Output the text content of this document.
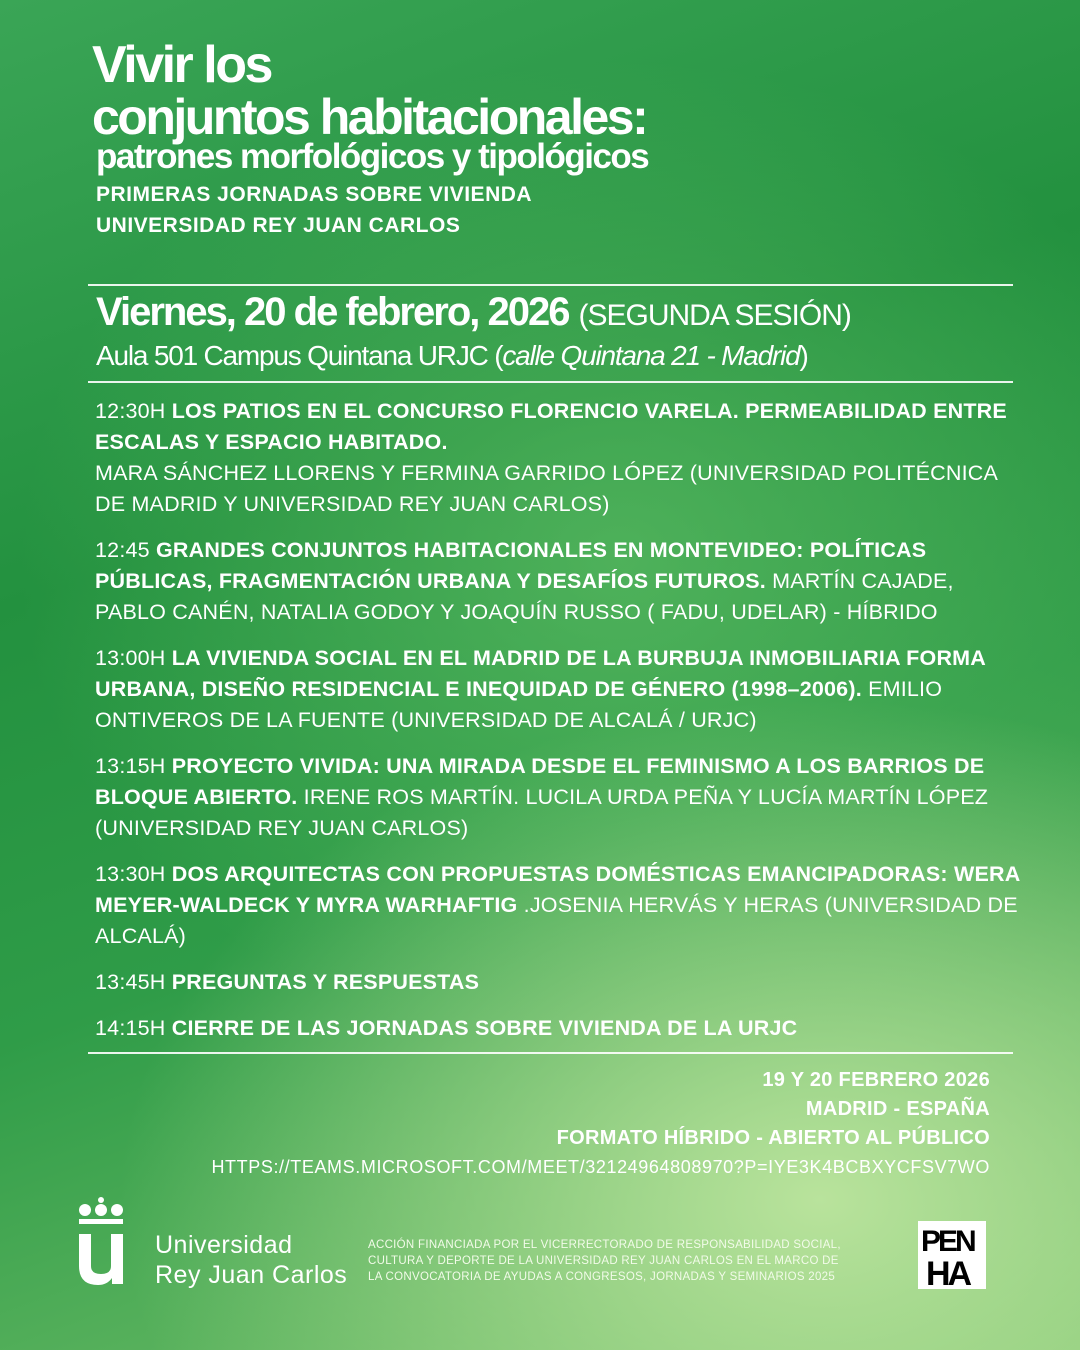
Vivir los
conjuntos habitacionales:
patrones morfológicos y tipológicos
PRIMERAS JORNADAS SOBRE VIVIENDA
UNIVERSIDAD REY JUAN CARLOS
Viernes, 20 de febrero, 2026 (SEGUNDA SESIÓN)
Aula 501 Campus Quintana URJC (calle Quintana 21 - Madrid)
12:30H LOS PATIOS EN EL CONCURSO FLORENCIO VARELA. PERMEABILIDAD ENTRE ESCALAS Y ESPACIO HABITADO.
MARA SÁNCHEZ LLORENS Y FERMINA GARRIDO LÓPEZ (UNIVERSIDAD POLITÉCNICA DE MADRID Y UNIVERSIDAD REY JUAN CARLOS)
12:45 GRANDES CONJUNTOS HABITACIONALES EN MONTEVIDEO: POLÍTICAS PÚBLICAS, FRAGMENTACIÓN URBANA Y DESAFÍOS FUTUROS. MARTÍN CAJADE, PABLO CANÉN, NATALIA GODOY Y JOAQUÍN RUSSO ( FADU, UDELAR) - HÍBRIDO
13:00H LA VIVIENDA SOCIAL EN EL MADRID DE LA BURBUJA INMOBILIARIA FORMA URBANA, DISEÑO RESIDENCIAL E INEQUIDAD DE GÉNERO (1998–2006). EMILIO ONTIVEROS DE LA FUENTE (UNIVERSIDAD DE ALCALÁ / URJC)
13:15H PROYECTO VIVIDA: UNA MIRADA DESDE EL FEMINISMO A LOS BARRIOS DE BLOQUE ABIERTO. IRENE ROS MARTÍN. LUCILA URDA PEÑA Y LUCÍA MARTÍN LÓPEZ (UNIVERSIDAD REY JUAN CARLOS)
13:30H DOS ARQUITECTAS CON PROPUESTAS DOMÉSTICAS EMANCIPADORAS: WERA MEYER-WALDECK Y MYRA WARHAFTIG .JOSENIA HERVÁS Y HERAS (UNIVERSIDAD DE ALCALÁ)
13:45H PREGUNTAS Y RESPUESTAS
14:15H CIERRE DE LAS JORNADAS SOBRE VIVIENDA DE LA URJC
19 Y 20 FEBRERO 2026
MADRID - ESPAÑA
FORMATO HÍBRIDO - ABIERTO AL PÚBLICO
HTTPS://TEAMS.MICROSOFT.COM/MEET/32124964808970?P=IYE3K4BCBXYCFSV7WO
Universidad
Rey Juan Carlos
ACCIÓN FINANCIADA POR EL VICERRECTORADO DE RESPONSABILIDAD SOCIAL,
CULTURA Y DEPORTE DE LA UNIVERSIDAD REY JUAN CARLOS EN EL MARCO DE
LA CONVOCATORIA DE AYUDAS A CONGRESOS, JORNADAS Y SEMINARIOS 2025
PEN
HA
